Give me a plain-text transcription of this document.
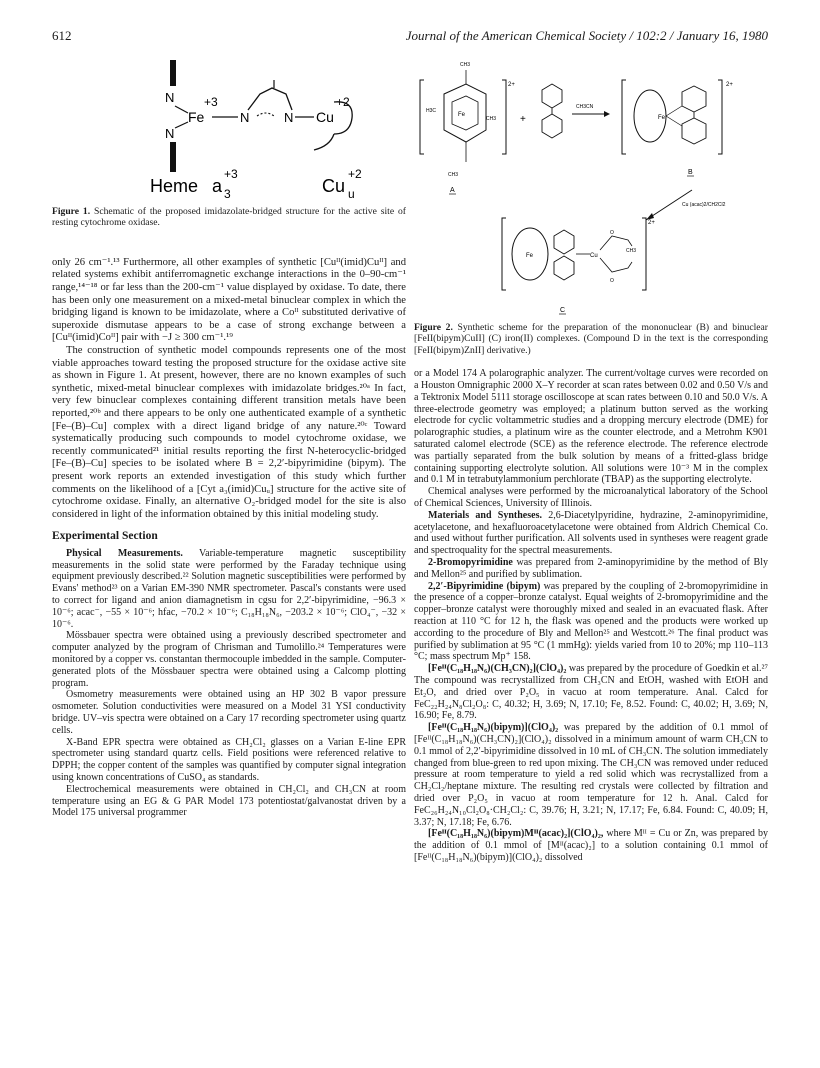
612	Journal of the American Chemical Society / 102:2 / January 16, 1980
N
N
Fe
+3
N	N Cu
+2
Heme a 3
+3
Cu u
+2

Figure 1. Schematic of the proposed imidazolate-bridged structure for the active site of resting cytochrome oxidase.

only 26 cm⁻¹.¹³ Furthermore, all other examples of synthetic [Cuᴵᴵ(imid)Cuᴵᴵ] and related systems exhibit antiferromagnetic exchange interactions in the 0–90-cm⁻¹ range,¹⁴⁻¹⁸ or far less than the 200-cm⁻¹ value displayed by oxidase. To date, there has been only one measurement on a mixed-metal binuclear complex in which the bridging ligand is known to be imidazolate, where a Coᴵᴵ substituted derivative of superoxide dismutase appears to be a case of strong exchange between a [Cuᴵᴵ(imid)Coᴵᴵ] pair with −J ≥ 300 cm⁻¹.¹⁹

The construction of synthetic model compounds represents one of the most viable approaches toward testing the proposed structure for the oxidase active site as shown in Figure 1. At present, however, there are no known examples of such synthetic, mixed-metal binuclear complexes with imidazolate bridges.²⁰ᵃ In fact, very few binuclear complexes containing different transition metals have been reported,²⁰ᵇ and there appears to be only one authenticated example of a synthetic [Fe–(B)–Cu] complex with a direct ligand bridge of any nature.²⁰ᶜ Toward systematically producing such compounds to model cytochrome oxidase, we recently communicated²¹ initial results reporting the first N-heterocyclic-bridged [Fe–(B)–Cu] species to be isolated where B = 2,2′-bipyrimidine (bipym). The present work reports an extended investigation of this study which further comments on the likelihood of a [Cyt a₃(imid)Cuᵤ] structure for the active site of cytochrome oxidase. Finally, an alternative O₂-bridged model for the site is also considered in light of the information obtained by this initial modeling study.

Experimental Section

Physical Measurements. Variable-temperature magnetic susceptibility measurements in the solid state were performed by the Faraday technique using equipment previously described.²² Solution magnetic susceptibilities were performed by Evans' method²³ on a Varian EM-390 NMR spectrometer. Pascal's constants were used to correct for ligand and anion diamagnetism in cgsu for 2,2′-bipyrimidine, −96.3 × 10⁻⁶; acac⁻, −55 × 10⁻⁶; hfac, −70.2 × 10⁻⁶; C₁₈H₁₈N₆, −203.2 × 10⁻⁶; ClO₄⁻, −32 × 10⁻⁶.

Mössbauer spectra were obtained using a previously described spectrometer and computer analyzed by the program of Chrisman and Tumolillo.²⁴ Temperatures were monitored by a copper vs. constantan thermocouple imbedded in the sample. Computer-generated plots of the Mössbauer spectra were obtained using a Calcomp plotting program.

Osmometry measurements were obtained using an HP 302 B vapor pressure osmometer. Solution conductivities were measured on a Model 31 YSI conductivity bridge. UV–vis spectra were obtained on a Cary 17 recording spectrometer using quartz cells.

X-Band EPR spectra were obtained as CH₂Cl₂ glasses on a Varian E-line EPR spectrometer using standard quartz cells. Field positions were referenced relative to DPPH; the copper content of the samples was quantified by computer signal integration using known concentrations of CuSO₄ as standards.

Electrochemical measurements were obtained in CH₂Cl₂ and CH₃CN at room temperature using an EG & G PAR Model 173 potentiostat/galvanostat driven by a Model 175 universal programmer

2+
Fe
H3C
CH3
CH3
CH3
A
+
CH3CN
2+
Fe
B
Cu (acac)2/CH2Cl2
2+
Cu
O
O
CH3
Fe
C

Figure 2. Synthetic scheme for the preparation of the mononuclear (B) and binuclear [FeII(bipym)CuII] (C) iron(II) complexes. (Compound D in the text is the corresponding [FeII(bipym)ZnII] derivative.)

or a Model 174 A polarographic analyzer. The current/voltage curves were recorded on a Houston Omnigraphic 2000 X–Y recorder at scan rates between 0.02 and 0.50 V/s and a Tektronix Model 5111 storage oscilloscope at scan rates between 0.10 and 50.0 V/s. A three-electrode geometry was employed; a platinum button served as the working electrode for cyclic voltammetric studies and a dropping mercury electrode (DME) for polarographic studies, a platinum wire as the counter electrode, and a Metrohm K901 saturated calomel electrode (SCE) as the reference electrode. The reference electrode was partially separated from the bulk solution by means of a fritted-glass bridge containing supporting electrolyte solution. All solutions were 10⁻³ M in the complex and 0.1 M in tetrabutylammonium perchlorate (TBAP) as the supporting electrolyte.

Chemical analyses were performed by the microanalytical laboratory of the School of Chemical Sciences, University of Illinois.

Materials and Syntheses. 2,6-Diacetylpyridine, hydrazine, 2-aminopyrimidine, acetylacetone, and hexafluoroacetylacetone were obtained from Aldrich Chemical Co. and used without further purification. All solvents used in syntheses were reagent grade and spectroquality for the spectral measurements.

2-Bromopyrimidine was prepared from 2-aminopyrimidine by the method of Bly and Mellon²⁵ and purified by sublimation.

2,2′-Bipyrimidine (bipym) was prepared by the coupling of 2-bromopyrimidine in the presence of a copper–bronze catalyst. Equal weights of 2-bromopyrimidine and the copper–bronze catalyst were thoroughly mixed and sealed in an evacuated flask. After reaction at 110 °C for 12 h, the flask was opened and the products were worked up according to the procedure of Bly and Mellon²⁵ and Westcott.²⁶ The final product was purified by sublimation at 95 °C (1 mmHg): yields varied from 10 to 20%; mp 110–113 °C; mass spectrum Mp⁺ 158.

[Feᴵᴵ(C₁₈H₁₈N₆)(CH₃CN)₂](ClO₄)₂ was prepared by the procedure of Goedkin et al.²⁷ The compound was recrystallized from CH₃CN and EtOH, washed with EtOH and Et₂O, and dried over P₂O₅ in vacuo at room temperature. Anal. Calcd for FeC₂₂H₂₄N₈Cl₂O₈: C, 40.32; H, 3.69; N, 17.10; Fe, 8.52. Found: C, 40.02; H, 3.69; N, 16.90; Fe, 8.79.

[Feᴵᴵ(C₁₈H₁₈N₆)(bipym)](ClO₄)₂ was prepared by the addition of 0.1 mmol of [Feᴵᴵ(C₁₈H₁₈N₆)(CH₃CN)₂](ClO₄)₂ dissolved in a minimum amount of warm CH₃CN to 0.1 mmol of 2,2′-bipyrimidine dissolved in 10 mL of CH₃CN. The solution immediately changed from blue-green to red upon mixing. The CH₃CN was removed under reduced pressure at room temperature to yield a red solid which was recrystallized from a CH₂Cl₂/heptane mixture. The resulting red crystals were collected by filtration and dried over P₂O₅ in vacuo at room temperature for 12 h. Anal. Calcd for FeC₂₆H₂₄N₁₀Cl₂O₈·CH₂Cl₂: C, 39.76; H, 3.21; N, 17.17; Fe, 6.84. Found: C, 40.09; H, 3.37; N, 17.18; Fe, 6.76.

[Feᴵᴵ(C₁₈H₁₈N₆)(bipym)Mᴵᴵ(acac)₂](ClO₄)₂, where Mᴵᴵ = Cu or Zn, was prepared by the addition of 0.1 mmol of [Mᴵᴵ(acac)₂] to a solution containing 0.1 mmol of [Feᴵᴵ(C₁₈H₁₈N₆)(bipym)](ClO₄)₂ dissolved
